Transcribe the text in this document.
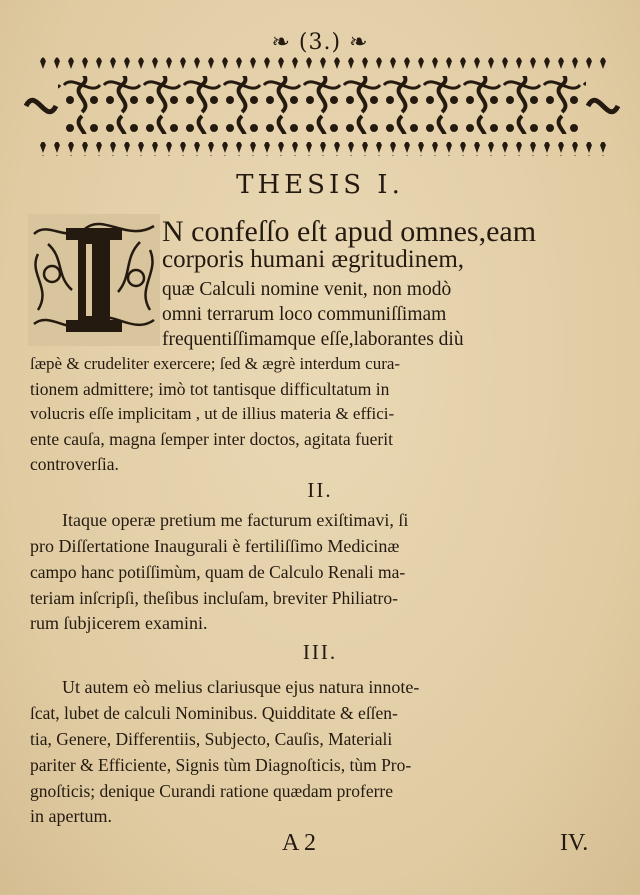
❧ (3.) ❧
THESIS I.
N confeſſo eſt apud omnes,eam
corporis humani ægritudinem,
quæ Calculi nomine venit, non modò
omni terrarum loco communiſſimam
frequentiſſimamque eſſe,laborantes diù
ſæpè & crudeliter exercere; ſed & ægrè interdum cura-
tionem admittere; imò tot tantisque difficultatum in
volucris eſſe implicitam , ut de illius materia & effici-
ente cauſa, magna ſemper inter doctos, agitata fuerit
controverſia.
II.
Itaque operæ pretium me facturum exiſtimavi, ſi
pro Diſſertatione Inaugurali è fertiliſſimo Medicinæ
campo hanc potiſſimùm, quam de Calculo Renali ma-
teriam inſcripſi, theſibus incluſam, breviter Philiatro-
rum ſubjicerem examini.
III.
Ut autem eò melius clariusque ejus natura innote-
ſcat, lubet de calculi Nominibus. Quidditate & eſſen-
tia, Genere, Differentiis, Subjecto, Cauſis, Materiali
pariter & Efficiente, Signis tùm Diagnoſticis, tùm Pro-
gnoſticis; denique Curandi ratione quædam proferre
in apertum.
A 2	IV.
